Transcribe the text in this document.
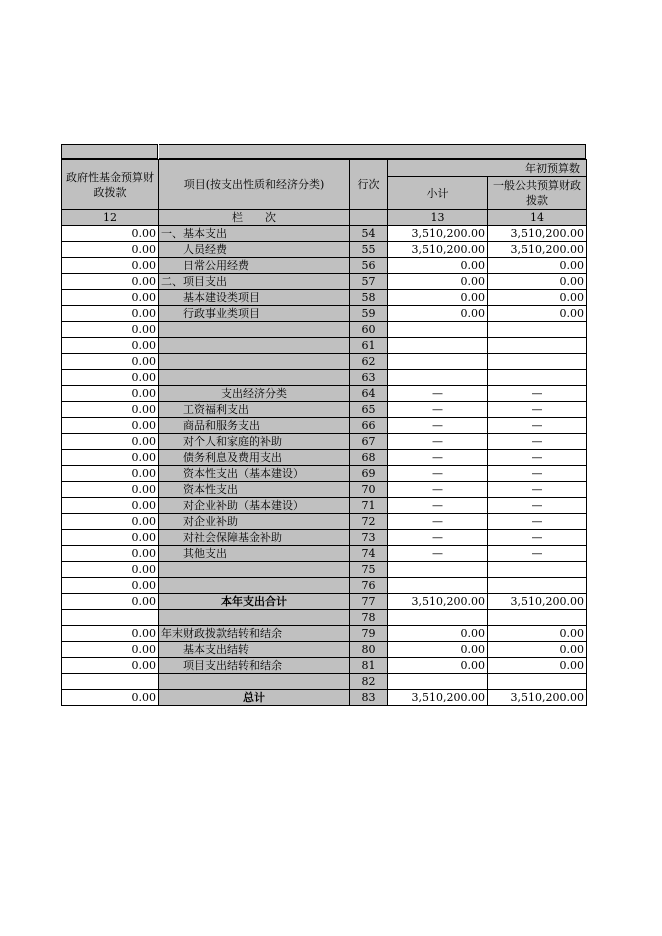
政府性基金预算财政拨款	项目(按支出性质和经济分类)	行次	年初预算数	
			小计	一般公共预算财政拨款
12	栏　　次		13	14
0.00	一、基本支出	54	3,510,200.00	3,510,200.00
0.00	人员经费	55	3,510,200.00	3,510,200.00
0.00	日常公用经费	56	0.00	0.00
0.00	二、项目支出	57	0.00	0.00
0.00	基本建设类项目	58	0.00	0.00
0.00	行政事业类项目	59	0.00	0.00
0.00		60		
0.00		61		
0.00		62		
0.00		63		
0.00	支出经济分类	64	—	—
0.00	工资福利支出	65	—	—
0.00	商品和服务支出	66	—	—
0.00	对个人和家庭的补助	67	—	—
0.00	债务利息及费用支出	68	—	—
0.00	资本性支出（基本建设）	69	—	—
0.00	资本性支出	70	—	—
0.00	对企业补助（基本建设）	71	—	—
0.00	对企业补助	72	—	—
0.00	对社会保障基金补助	73	—	—
0.00	其他支出	74	—	—
0.00		75		
0.00		76		
0.00	本年支出合计	77	3,510,200.00	3,510,200.00
		78		
0.00	年末财政拨款结转和结余	79	0.00	0.00
0.00	基本支出结转	80	0.00	0.00
0.00	项目支出结转和结余	81	0.00	0.00
		82		
0.00	总计	83	3,510,200.00	3,510,200.00
